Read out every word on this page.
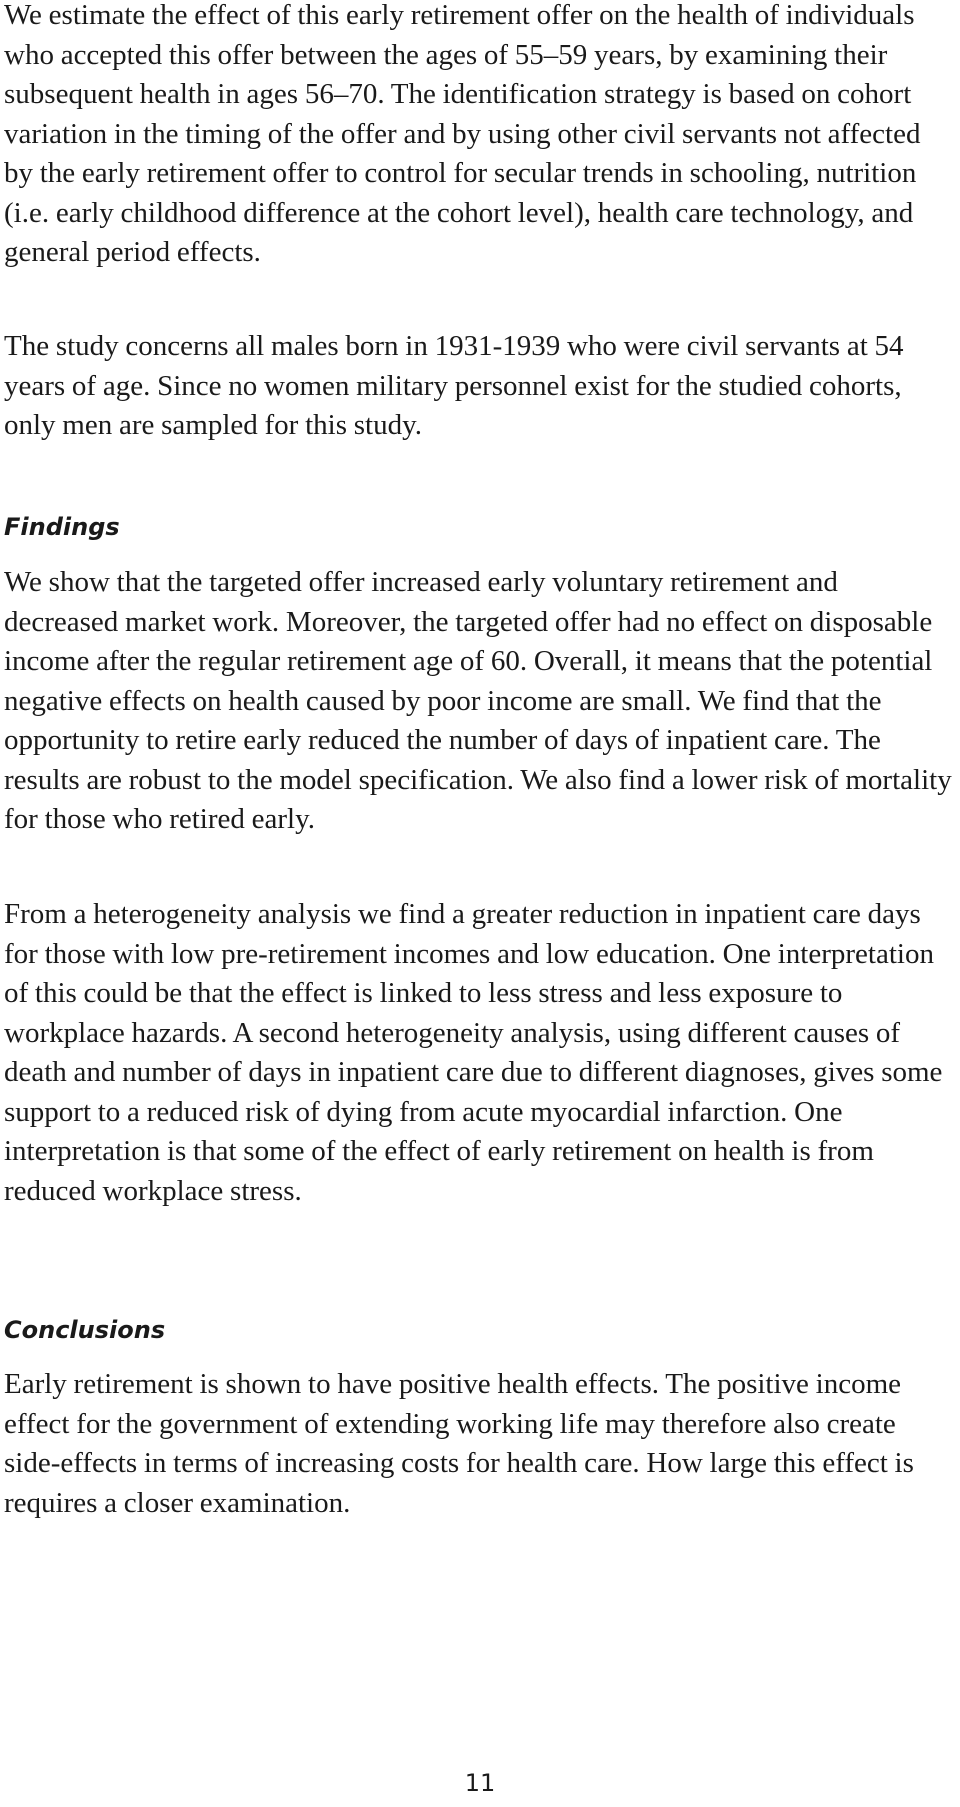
We estimate the effect of this early retirement offer on the health of individuals who accepted this offer between the ages of 55–59 years, by examining their subsequent health in ages 56–70. The identification strategy is based on cohort variation in the timing of the offer and by using other civil servants not affected by the early retirement offer to control for secular trends in schooling, nutrition (i.e. early childhood difference at the cohort level), health care technology, and general period effects.

The study concerns all males born in 1931-1939 who were civil servants at 54 years of age. Since no women military personnel exist for the studied cohorts, only men are sampled for this study.

Findings

We show that the targeted offer increased early voluntary retirement and decreased market work. Moreover, the targeted offer had no effect on disposable income after the regular retirement age of 60. Overall, it means that the potential negative effects on health caused by poor income are small. We find that the opportunity to retire early reduced the number of days of inpatient care. The results are robust to the model specification. We also find a lower risk of mortality for those who retired early.

From a heterogeneity analysis we find a greater reduction in inpatient care days for those with low pre-retirement incomes and low education. One interpretation of this could be that the effect is linked to less stress and less exposure to workplace hazards. A second heterogeneity analysis, using different causes of death and number of days in inpatient care due to different diagnoses, gives some support to a reduced risk of dying from acute myocardial infarction. One interpretation is that some of the effect of early retirement on health is from reduced workplace stress.

Conclusions

Early retirement is shown to have positive health effects. The positive income effect for the government of extending working life may therefore also create side-effects in terms of increasing costs for health care. How large this effect is requires a closer examination.

11
